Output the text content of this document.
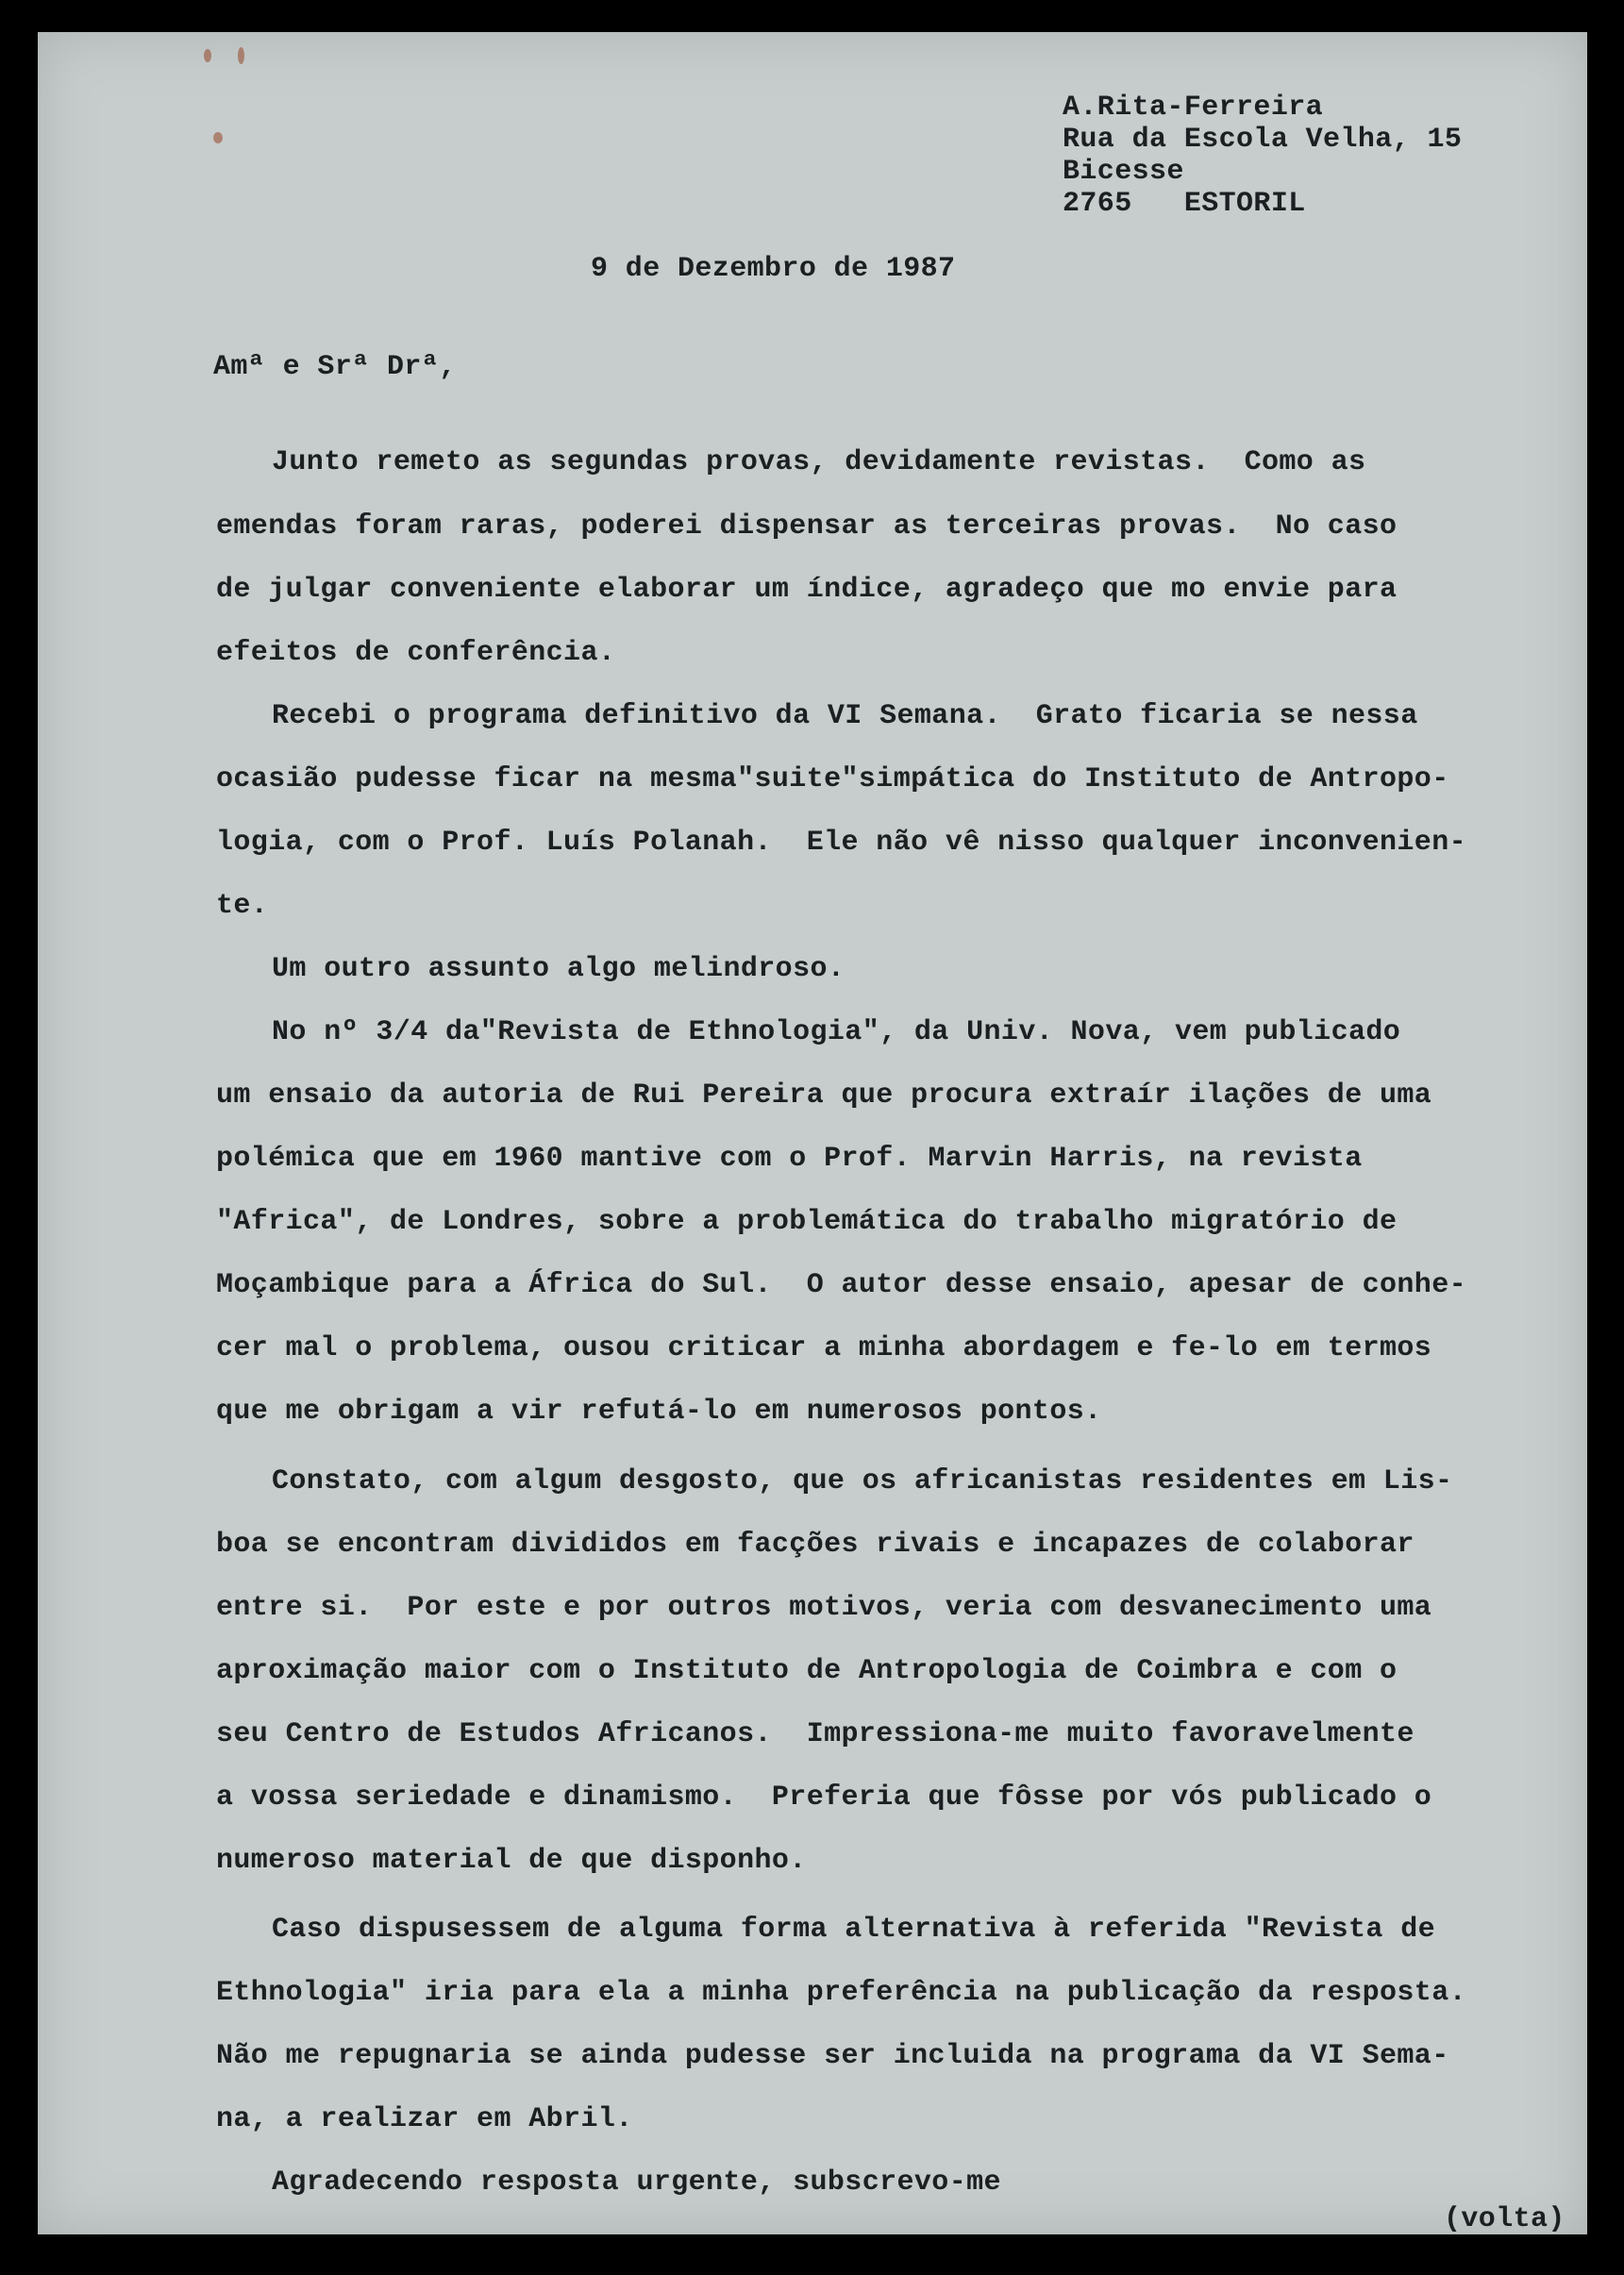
A.Rita-Ferreira
Rua da Escola Velha, 15
Bicesse
2765   ESTORIL
9 de Dezembro de 1987
Amª e Srª Drª,
Junto remeto as segundas provas, devidamente revistas.  Como as
emendas foram raras, poderei dispensar as terceiras provas.  No caso
de julgar conveniente elaborar um índice, agradeço que mo envie para
efeitos de conferência.
Recebi o programa definitivo da VI Semana.  Grato ficaria se nessa
ocasião pudesse ficar na mesma"suite"simpática do Instituto de Antropo-
logia, com o Prof. Luís Polanah.  Ele não vê nisso qualquer inconvenien-
te.
Um outro assunto algo melindroso.
No nº 3/4 da"Revista de Ethnologia", da Univ. Nova, vem publicado
um ensaio da autoria de Rui Pereira que procura extraír ilações de uma
polémica que em 1960 mantive com o Prof. Marvin Harris, na revista
"Africa", de Londres, sobre a problemática do trabalho migratório de
Moçambique para a África do Sul.  O autor desse ensaio, apesar de conhe-
cer mal o problema, ousou criticar a minha abordagem e fe-lo em termos
que me obrigam a vir refutá-lo em numerosos pontos.
Constato, com algum desgosto, que os africanistas residentes em Lis-
boa se encontram divididos em facções rivais e incapazes de colaborar
entre si.  Por este e por outros motivos, veria com desvanecimento uma
aproximação maior com o Instituto de Antropologia de Coimbra e com o
seu Centro de Estudos Africanos.  Impressiona-me muito favoravelmente
a vossa seriedade e dinamismo.  Preferia que fôsse por vós publicado o
numeroso material de que disponho.
Caso dispusessem de alguma forma alternativa à referida "Revista de
Ethnologia" iria para ela a minha preferência na publicação da resposta.
Não me repugnaria se ainda pudesse ser incluida na programa da VI Sema-
na, a realizar em Abril.
Agradecendo resposta urgente, subscrevo-me
(volta)
